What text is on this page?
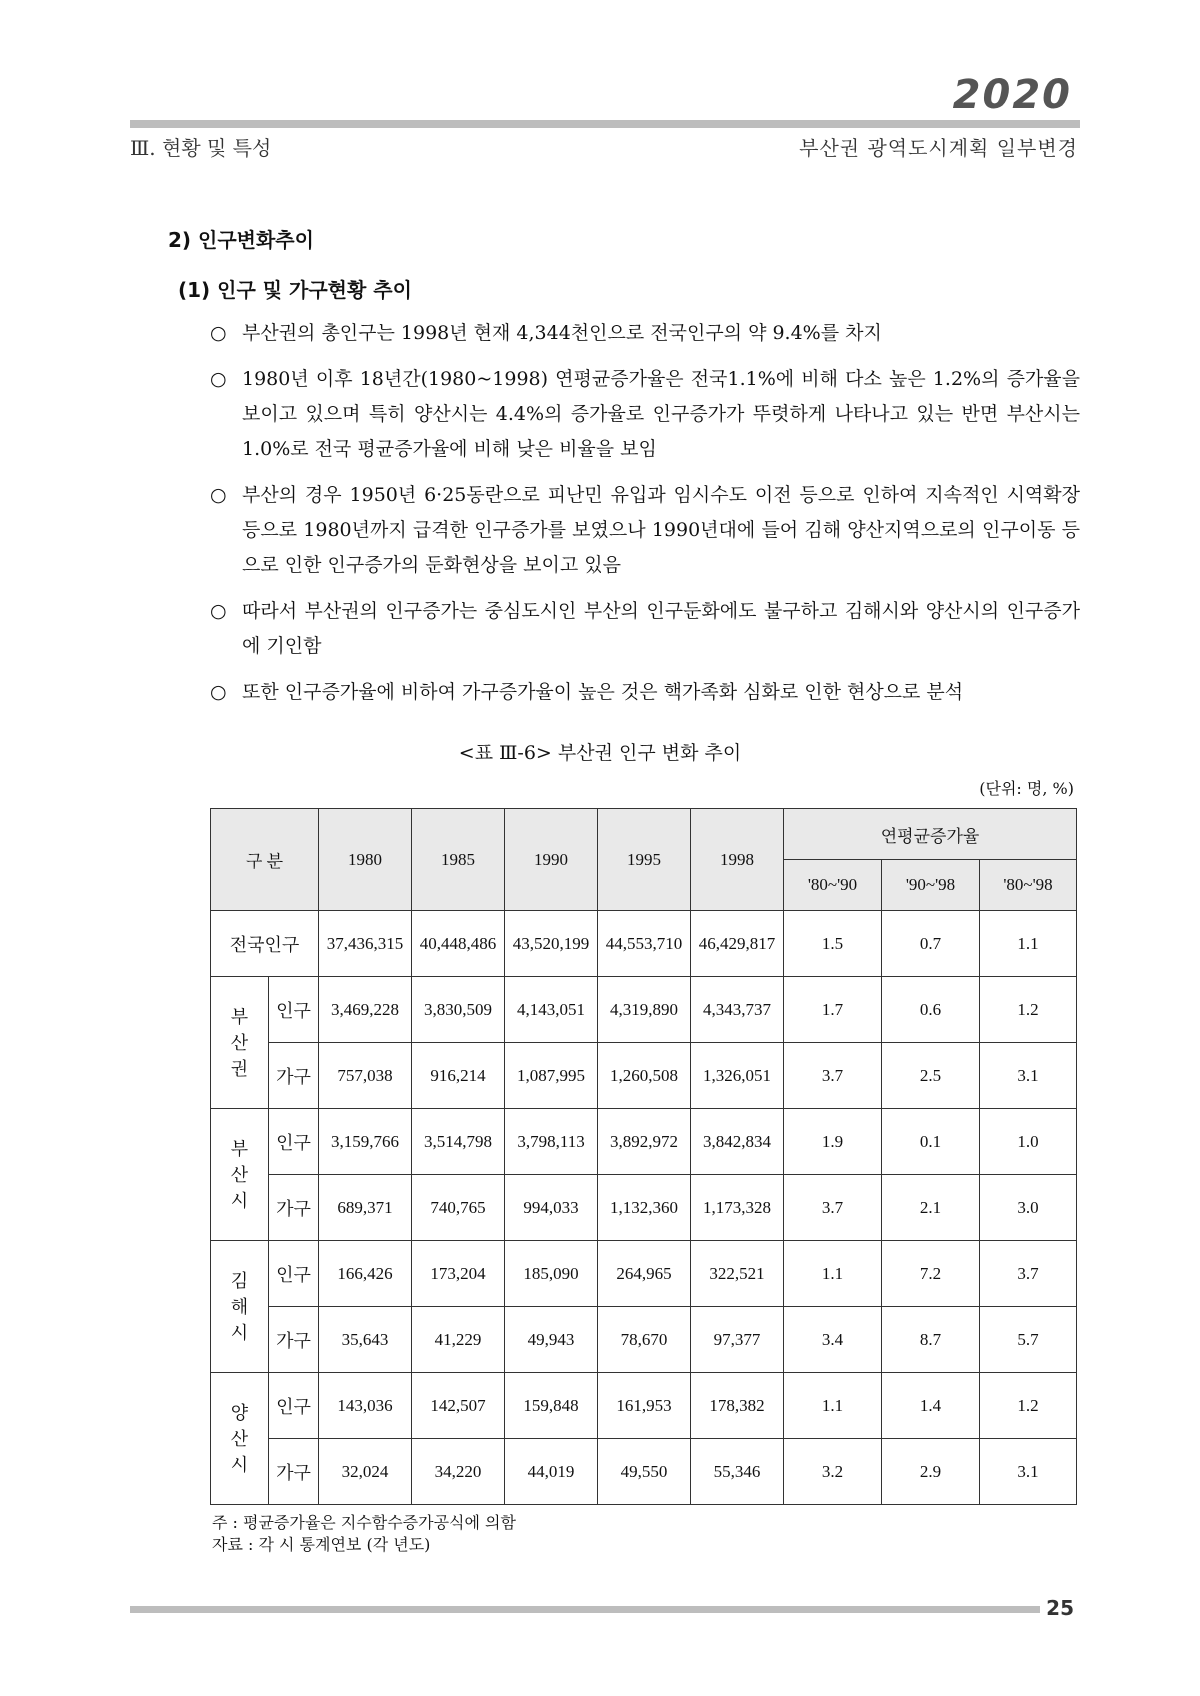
2020
Ⅲ. 현황 및 특성	부산권 광역도시계획 일부변경
2) 인구변화추이
(1) 인구 및 가구현황 추이
○ 부산권의 총인구는 1998년 현재 4,344천인으로 전국인구의 약 9.4%를 차지
○ 1980년 이후 18년간(1980~1998) 연평균증가율은 전국1.1%에 비해 다소 높은 1.2%의 증가율을 보이고 있으며 특히 양산시는 4.4%의 증가율로 인구증가가 뚜렷하게 나타나고 있는 반면 부산시는 1.0%로 전국 평균증가율에 비해 낮은 비율을 보임
○ 부산의 경우 1950년 6·25동란으로 피난민 유입과 임시수도 이전 등으로 인하여 지속적인 시역확장 등으로 1980년까지 급격한 인구증가를 보였으나 1990년대에 들어 김해 양산지역으로의 인구이동 등으로 인한 인구증가의 둔화현상을 보이고 있음
○ 따라서 부산권의 인구증가는 중심도시인 부산의 인구둔화에도 불구하고 김해시와 양산시의 인구증가에 기인함
○ 또한 인구증가율에 비하여 가구증가율이 높은 것은 핵가족화 심화로 인한 현상으로 분석
<표 Ⅲ-6> 부산권 인구 변화 추이
(단위: 명, %)
구 분		1980	1985	1990	1995	1998	연평균증가율		
							'80~'90	'90~'98	'80~'98
전국인구		37,436,315	40,448,486	43,520,199	44,553,710	46,429,817	1.5	0.7	1.1
부
산
권	인구	3,469,228	3,830,509	4,143,051	4,319,890	4,343,737	1.7	0.6	1.2
	가구	757,038	916,214	1,087,995	1,260,508	1,326,051	3.7	2.5	3.1
부
산
시	인구	3,159,766	3,514,798	3,798,113	3,892,972	3,842,834	1.9	0.1	1.0
	가구	689,371	740,765	994,033	1,132,360	1,173,328	3.7	2.1	3.0
김
해
시	인구	166,426	173,204	185,090	264,965	322,521	1.1	7.2	3.7
	가구	35,643	41,229	49,943	78,670	97,377	3.4	8.7	5.7
양
산
시	인구	143,036	142,507	159,848	161,953	178,382	1.1	1.4	1.2
	가구	32,024	34,220	44,019	49,550	55,346	3.2	2.9	3.1
주 : 평균증가율은 지수함수증가공식에 의함
자료 : 각 시 통계연보 (각 년도)
25
